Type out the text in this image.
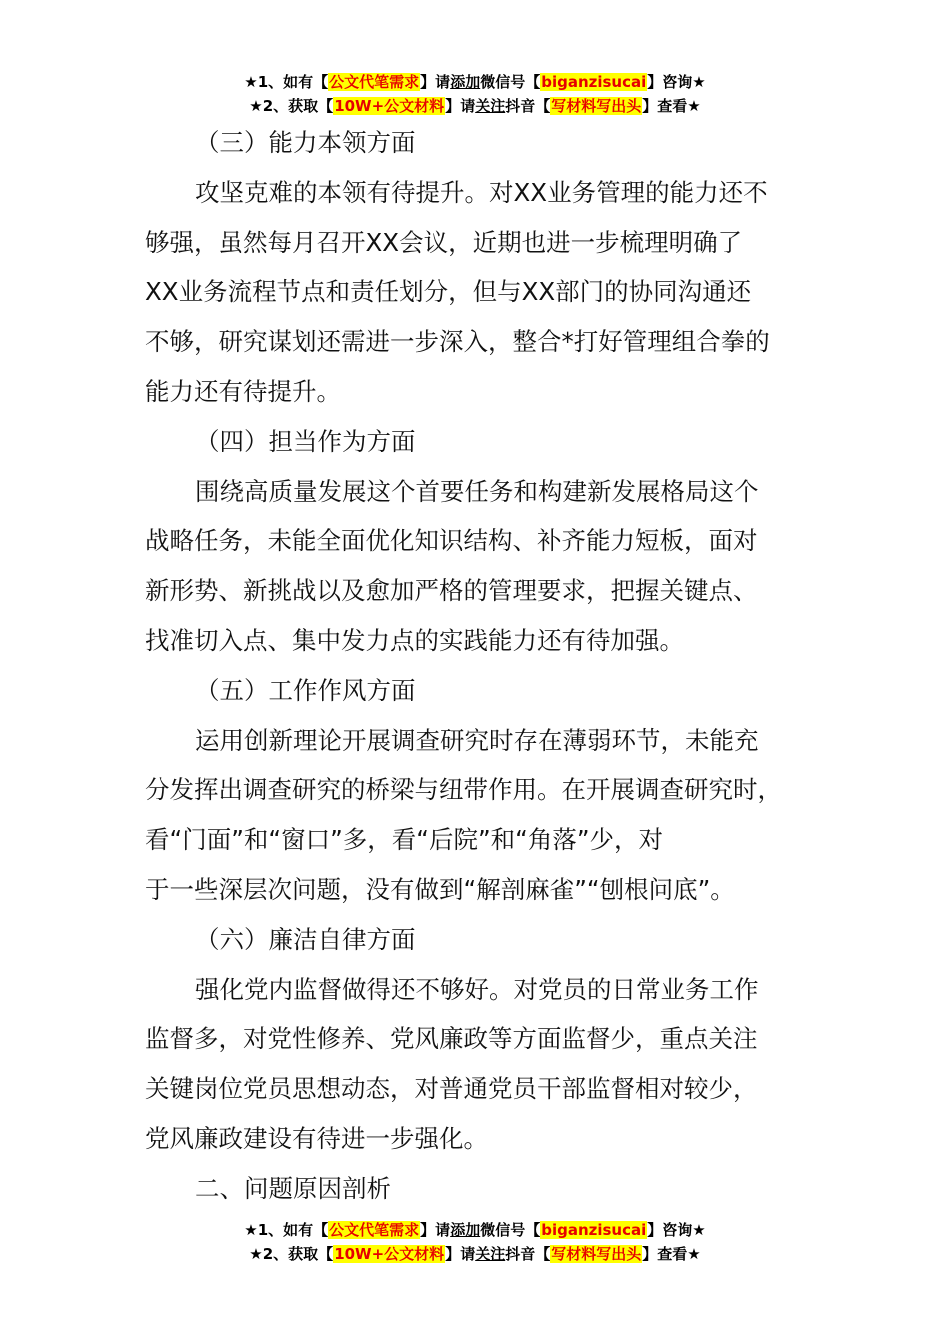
★1、如有【公文代笔需求】请添加微信号【biganzisucai】咨询★
★2、获取【10W+公文材料】请关注抖音【写材料写出头】查看★

（三）能力本领方面

攻坚克难的本领有待提升。对XX业务管理的能力还不
够强，虽然每月召开XX会议，近期也进一步梳理明确了
XX业务流程节点和责任划分，但与XX部门的协同沟通还
不够，研究谋划还需进一步深入，整合*打好管理组合拳的
能力还有待提升。

（四）担当作为方面

围绕高质量发展这个首要任务和构建新发展格局这个
战略任务，未能全面优化知识结构、补齐能力短板，面对
新形势、新挑战以及愈加严格的管理要求，把握关键点、
找准切入点、集中发力点的实践能力还有待加强。

（五）工作作风方面

运用创新理论开展调查研究时存在薄弱环节，未能充
分发挥出调查研究的桥梁与纽带作用。在开展调查研究时，
看“门面”和“窗口”多，看“后院”和“角落”少，对
于一些深层次问题，没有做到“解剖麻雀”“刨根问底”。

（六）廉洁自律方面

强化党内监督做得还不够好。对党员的日常业务工作
监督多，对党性修养、党风廉政等方面监督少，重点关注
关键岗位党员思想动态，对普通党员干部监督相对较少，
党风廉政建设有待进一步强化。

二、问题原因剖析

★1、如有【公文代笔需求】请添加微信号【biganzisucai】咨询★
★2、获取【10W+公文材料】请关注抖音【写材料写出头】查看★
